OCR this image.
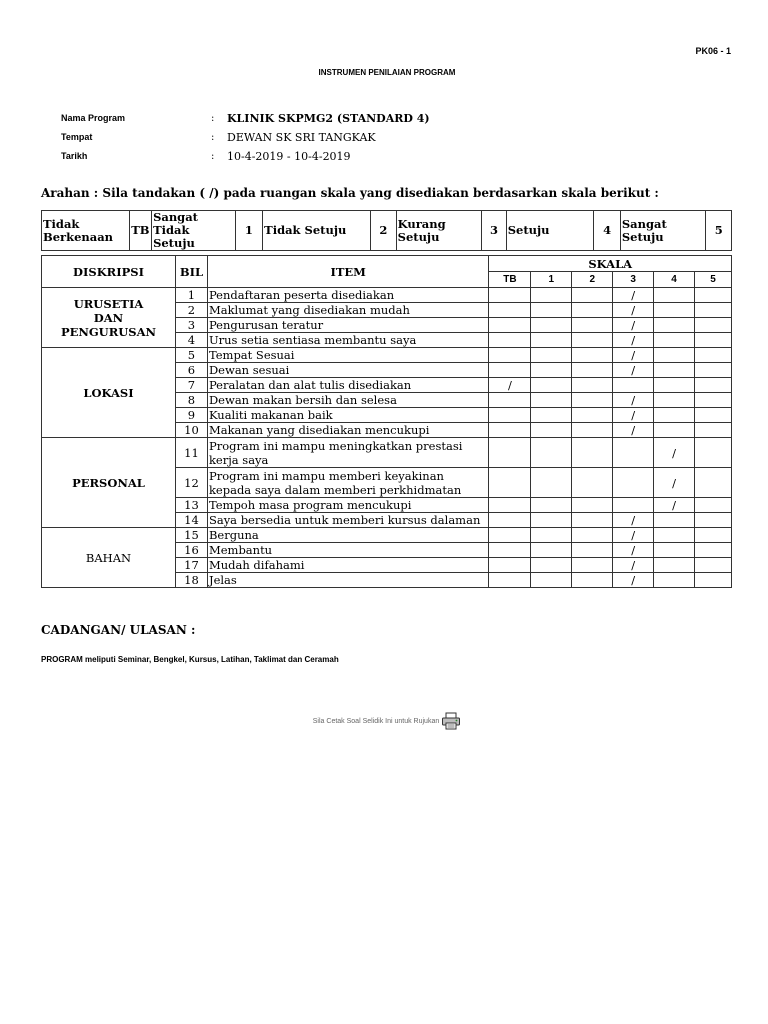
PK06 - 1
INSTRUMEN PENILAIAN PROGRAM
Nama Program	:	KLINIK SKPMG2 (STANDARD 4)
Tempat	:	DEWAN SK SRI TANGKAK
Tarikh	:	10-4-2019 - 10-4-2019
Arahan : Sila tandakan ( /) pada ruangan skala yang disediakan berdasarkan skala berikut :
Tidak Berkenaan	TB	Sangat Tidak Setuju	1	Tidak Setuju	2	Kurang Setuju	3	Setuju	4	Sangat Setuju	5
DISKRIPSI	BIL	ITEM	SKALA					
			TB	1	2	3	4	5
URUSETIA DAN PENGURUSAN	1	Pendaftaran peserta disediakan				/		
	2	Maklumat yang disediakan mudah				/		
	3	Pengurusan teratur				/		
	4	Urus setia sentiasa membantu saya				/		
LOKASI	5	Tempat Sesuai				/		
	6	Dewan sesuai				/		
	7	Peralatan dan alat tulis disediakan	/					
	8	Dewan makan bersih dan selesa				/		
	9	Kualiti makanan baik				/		
	10	Makanan yang disediakan mencukupi				/		
PERSONAL	11	Program ini mampu meningkatkan prestasi kerja saya					/	
	12	Program ini mampu memberi keyakinan kepada saya dalam memberi perkhidmatan					/	
	13	Tempoh masa program mencukupi					/	
	14	Saya bersedia untuk memberi kursus dalaman				/		
BAHAN	15	Berguna				/		
	16	Membantu				/		
	17	Mudah difahami				/		
	18	Jelas				/		
CADANGAN/ ULASAN :
PROGRAM meliputi Seminar, Bengkel, Kursus, Latihan, Taklimat dan Ceramah
Sila Cetak Soal Selidik Ini untuk Rujukan
